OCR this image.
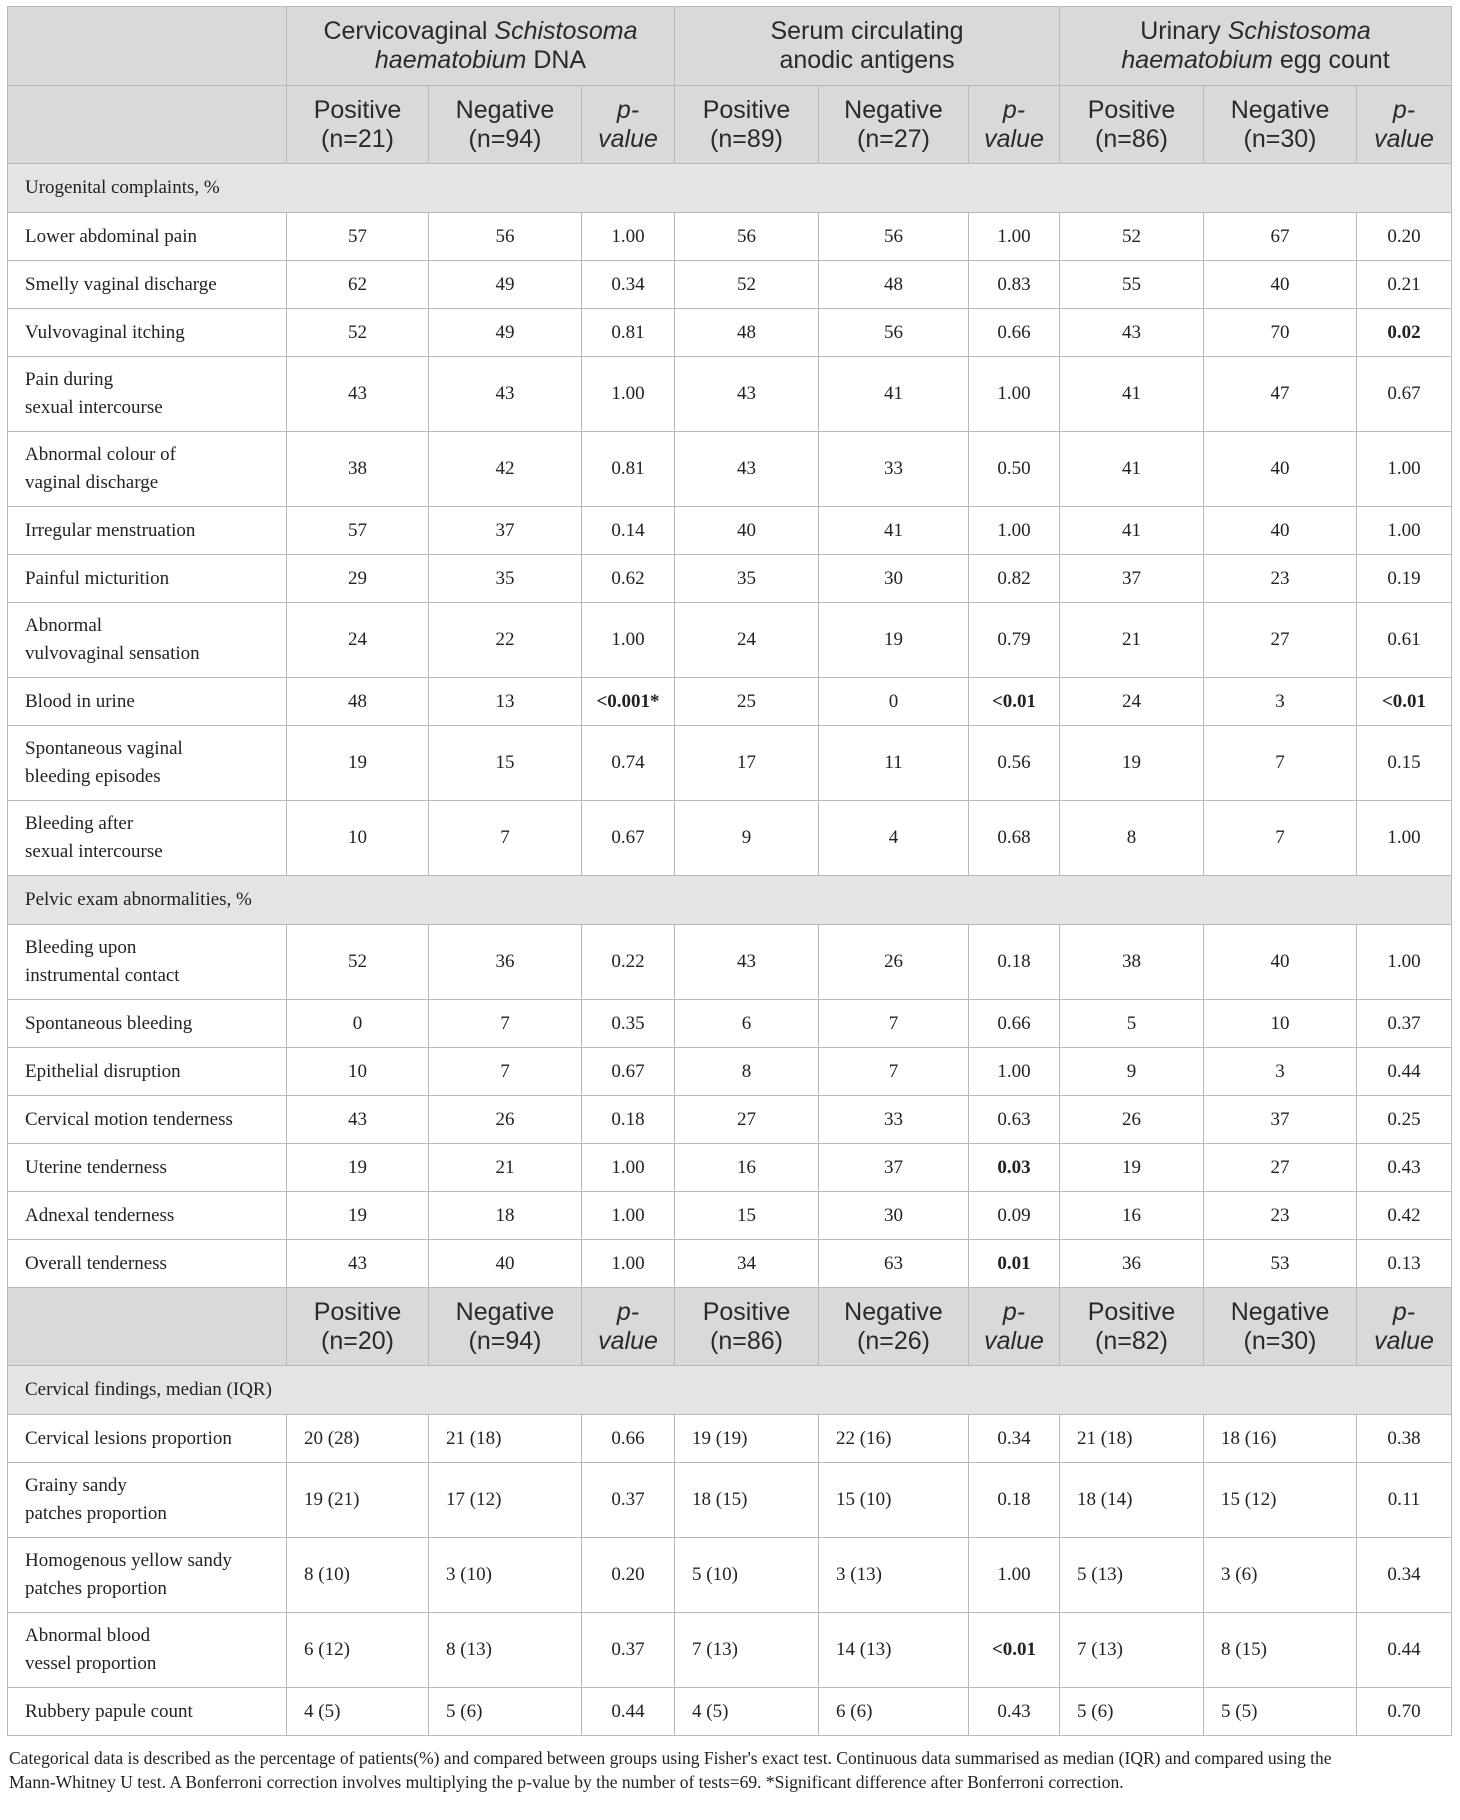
	Cervicovaginal Schistosoma
haematobium DNA			Serum circulating
anodic antigens			Urinary Schistosoma
haematobium egg count		
	Positive
(n=21)	Negative
(n=94)	p-
value	Positive
(n=89)	Negative
(n=27)	p-
value	Positive
(n=86)	Negative
(n=30)	p-
value
Urogenital complaints, %									
Lower abdominal pain	57	56	1.00	56	56	1.00	52	67	0.20
Smelly vaginal discharge	62	49	0.34	52	48	0.83	55	40	0.21
Vulvovaginal itching	52	49	0.81	48	56	0.66	43	70	0.02
Pain during
sexual intercourse	43	43	1.00	43	41	1.00	41	47	0.67
Abnormal colour of
vaginal discharge	38	42	0.81	43	33	0.50	41	40	1.00
Irregular menstruation	57	37	0.14	40	41	1.00	41	40	1.00
Painful micturition	29	35	0.62	35	30	0.82	37	23	0.19
Abnormal
vulvovaginal sensation	24	22	1.00	24	19	0.79	21	27	0.61
Blood in urine	48	13	<0.001*	25	0	<0.01	24	3	<0.01
Spontaneous vaginal
bleeding episodes	19	15	0.74	17	11	0.56	19	7	0.15
Bleeding after
sexual intercourse	10	7	0.67	9	4	0.68	8	7	1.00
Pelvic exam abnormalities, %									
Bleeding upon
instrumental contact	52	36	0.22	43	26	0.18	38	40	1.00
Spontaneous bleeding	0	7	0.35	6	7	0.66	5	10	0.37
Epithelial disruption	10	7	0.67	8	7	1.00	9	3	0.44
Cervical motion tenderness	43	26	0.18	27	33	0.63	26	37	0.25
Uterine tenderness	19	21	1.00	16	37	0.03	19	27	0.43
Adnexal tenderness	19	18	1.00	15	30	0.09	16	23	0.42
Overall tenderness	43	40	1.00	34	63	0.01	36	53	0.13
	Positive
(n=20)	Negative
(n=94)	p-
value	Positive
(n=86)	Negative
(n=26)	p-
value	Positive
(n=82)	Negative
(n=30)	p-
value
Cervical findings, median (IQR)									
Cervical lesions proportion	20 (28)	21 (18)	0.66	19 (19)	22 (16)	0.34	21 (18)	18 (16)	0.38
Grainy sandy
patches proportion	19 (21)	17 (12)	0.37	18 (15)	15 (10)	0.18	18 (14)	15 (12)	0.11
Homogenous yellow sandy
patches proportion	8 (10)	3 (10)	0.20	5 (10)	3 (13)	1.00	5 (13)	3 (6)	0.34
Abnormal blood
vessel proportion	6 (12)	8 (13)	0.37	7 (13)	14 (13)	<0.01	7 (13)	8 (15)	0.44
Rubbery papule count	4 (5)	5 (6)	0.44	4 (5)	6 (6)	0.43	5 (6)	5 (5)	0.70
Categorical data is described as the percentage of patients(%) and compared between groups using Fisher's exact test. Continuous data summarised as median (IQR) and compared using the
Mann-Whitney U test. A Bonferroni correction involves multiplying the p-value by the number of tests=69. *Significant difference after Bonferroni correction.
